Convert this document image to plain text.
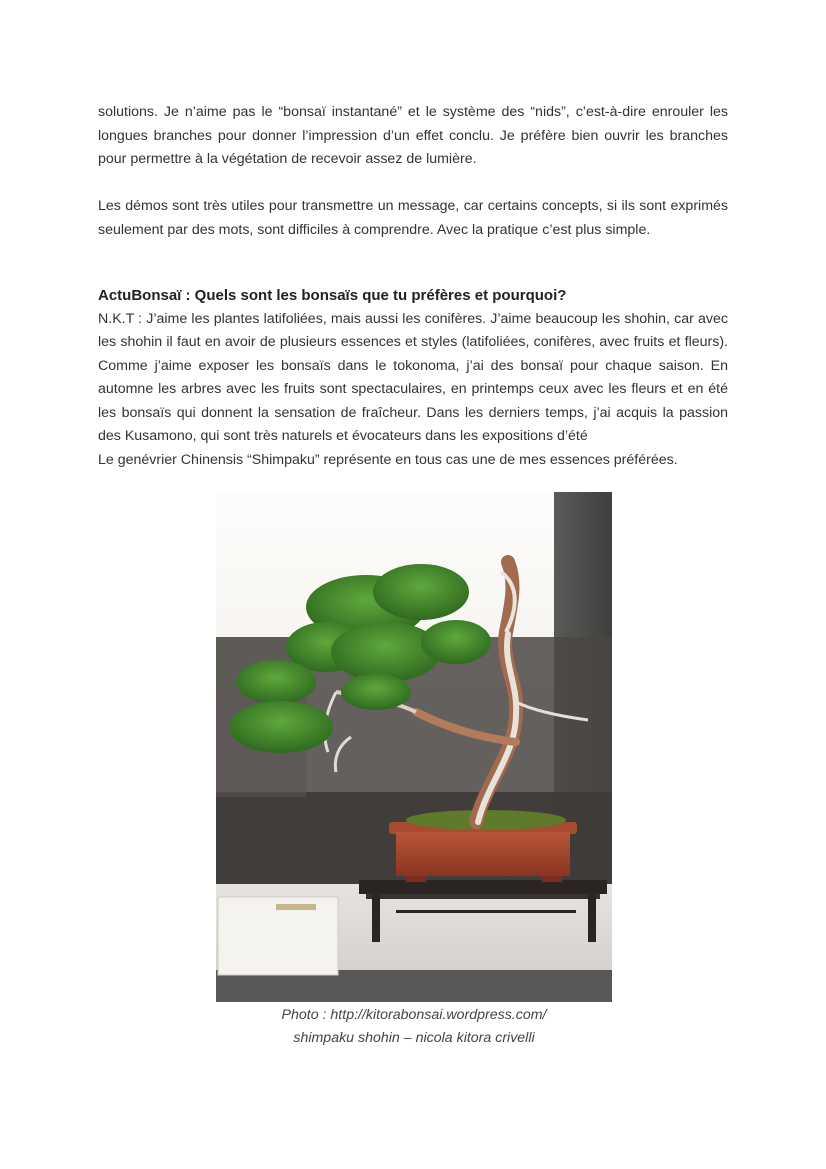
solutions. Je n’aime pas le “bonsaï instantané” et le système des “nids”, c’est-à-dire enrouler les longues branches pour donner l’impression d’un effet conclu. Je préfère bien ouvrir les branches pour permettre à la végétation de recevoir assez de lumière.
Les démos sont très utiles pour transmettre un message, car certains concepts, si ils sont exprimés seulement par des mots, sont difficiles à comprendre. Avec la pratique c’est plus simple.
ActuBonsaï : Quels sont les bonsaïs que tu préfères et pourquoi?
N.K.T : J’aime les plantes latifoliées, mais aussi les conifères. J’aime beaucoup les shohin, car avec les shohin il faut en avoir de plusieurs essences et styles (latifoliées, conifères, avec fruits et fleurs). Comme j’aime exposer les bonsaïs dans le tokonoma, j’ai des bonsaï pour chaque saison. En automne les arbres avec les fruits sont spectaculaires, en printemps ceux avec les fleurs et en été les bonsaïs qui donnent la sensation de fraîcheur. Dans les derniers temps, j’ai acquis la passion des Kusamono, qui sont très naturels et évocateurs dans les expositions d’été
Le genévrier Chinensis “Shimpaku” représente en tous cas une de mes essences préférées.
Photo : http://kitorabonsai.wordpress.com/
shimpaku shohin – nicola kitora crivelli
